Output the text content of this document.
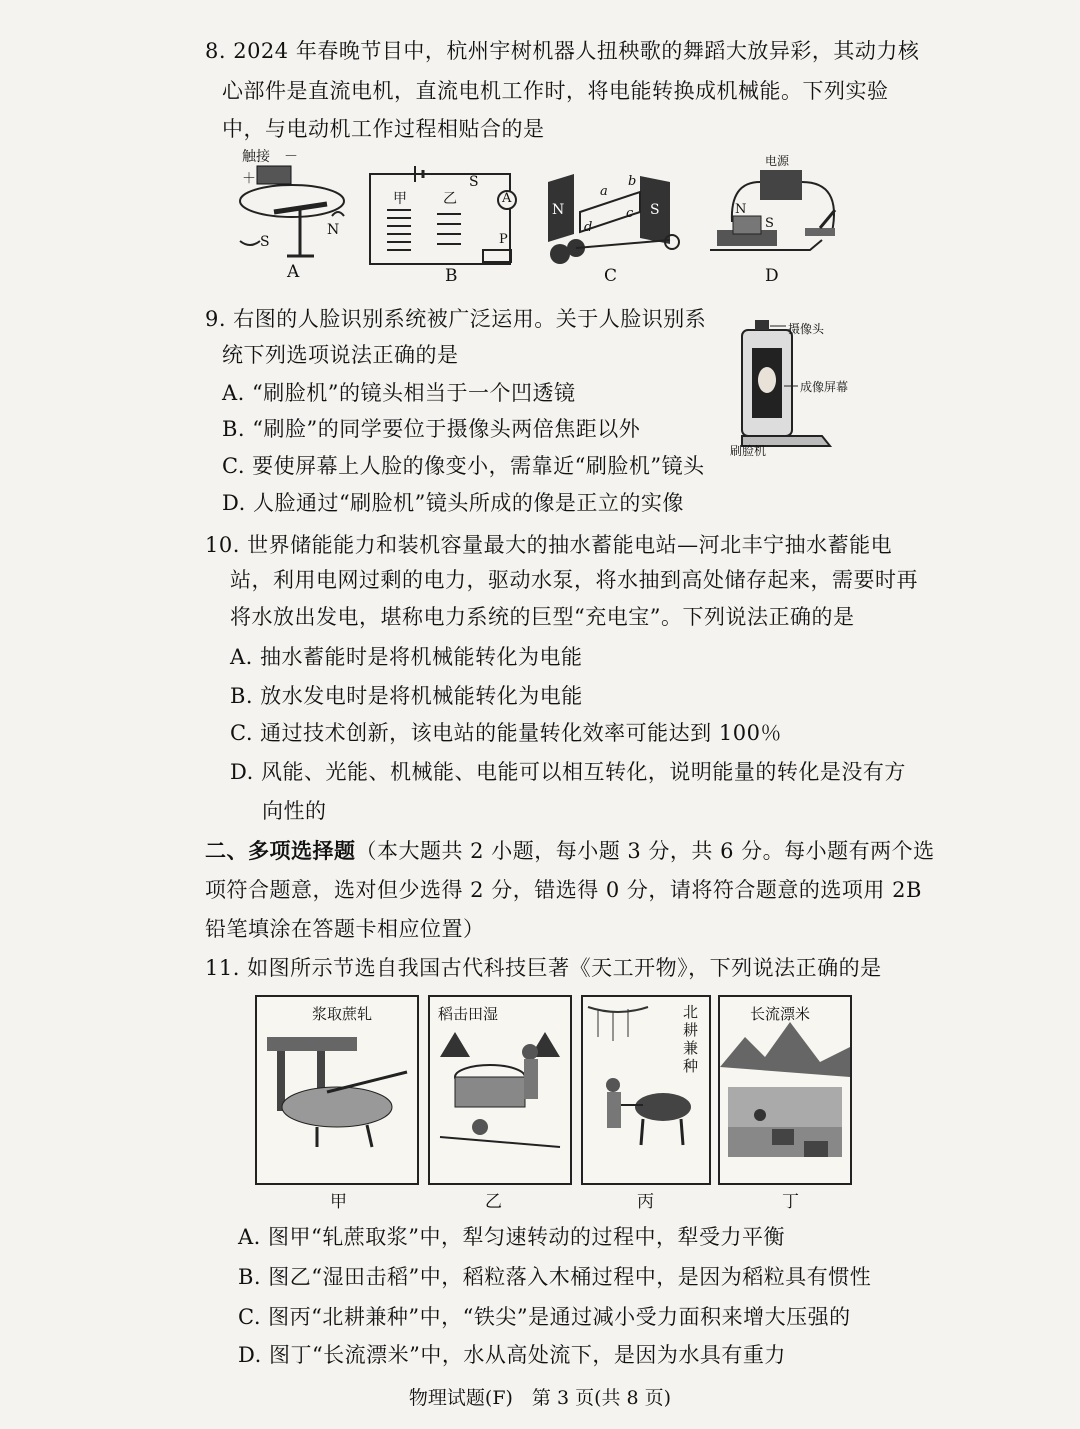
8. 2024 年春晚节目中，杭州宇树机器人扭秧歌的舞蹈大放异彩，其动力核
心部件是直流电机，直流电机工作时，将电能转换成机械能。下列实验
中，与电动机工作过程相贴合的是
触接 －
＋
S
N
A
甲	乙
S
A
P
B
N	S
a
b
c
d
C
电源
N
S
D
9. 右图的人脸识别系统被广泛运用。关于人脸识别系
统下列选项说法正确的是
A. “刷脸机”的镜头相当于一个凹透镜
B. “刷脸”的同学要位于摄像头两倍焦距以外
C. 要使屏幕上人脸的像变小，需靠近“刷脸机”镜头
D. 人脸通过“刷脸机”镜头所成的像是正立的实像
摄像头
成像屏幕
刷脸机
10. 世界储能能力和装机容量最大的抽水蓄能电站—河北丰宁抽水蓄能电
站，利用电网过剩的电力，驱动水泵，将水抽到高处储存起来，需要时再
将水放出发电，堪称电力系统的巨型“充电宝”。下列说法正确的是
A. 抽水蓄能时是将机械能转化为电能
B. 放水发电时是将机械能转化为电能
C. 通过技术创新，该电站的能量转化效率可能达到 100％
D. 风能、光能、机械能、电能可以相互转化，说明能量的转化是没有方
向性的
二、多项选择题（本大题共 2 小题，每小题 3 分，共 6 分。每小题有两个选
项符合题意，选对但少选得 2 分，错选得 0 分，请将符合题意的选项用 2B
铅笔填涂在答题卡相应位置）
11. 如图所示节选自我国古代科技巨著《天工开物》，下列说法正确的是
浆取蔗轧
甲
稻击田湿
乙
北耕兼种
丙
长流漂米
丁
A. 图甲“轧蔗取浆”中，犁匀速转动的过程中，犁受力平衡
B. 图乙“湿田击稻”中，稻粒落入木桶过程中，是因为稻粒具有惯性
C. 图丙“北耕兼种”中，“铁尖”是通过减小受力面积来增大压强的
D. 图丁“长流漂米”中，水从高处流下，是因为水具有重力
物理试题(F)　第 3 页(共 8 页)
